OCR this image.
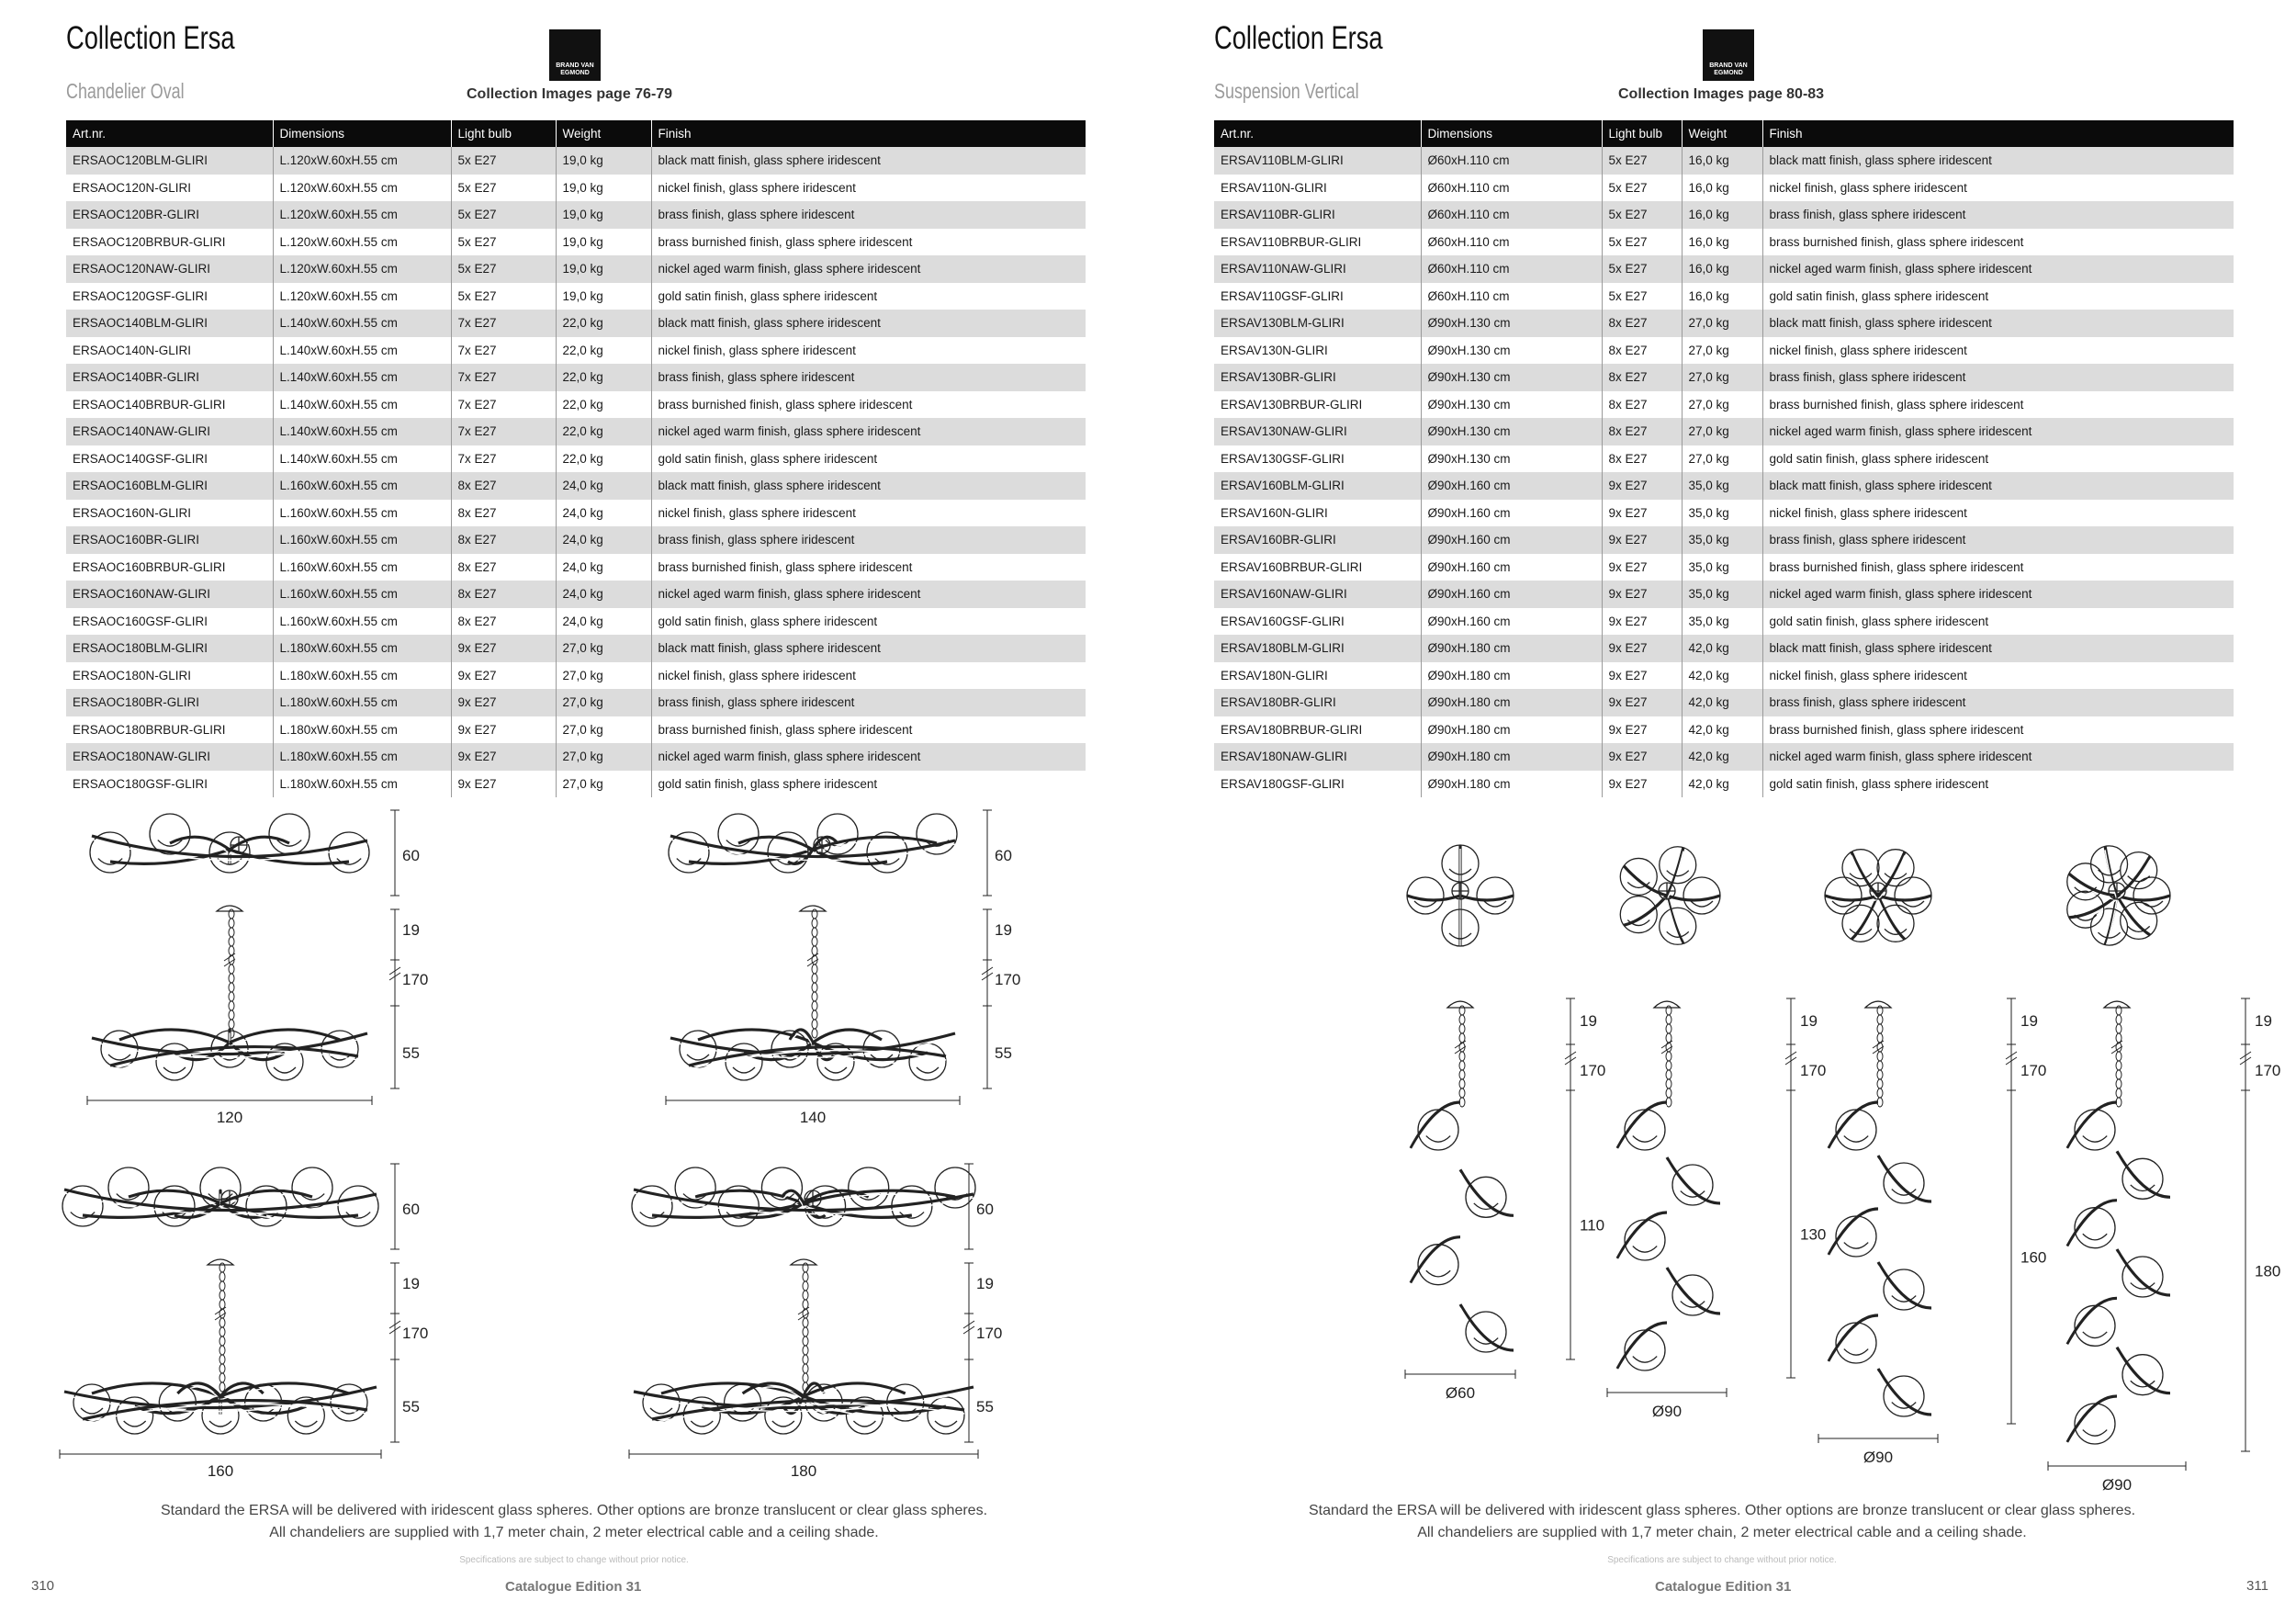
Collection Ersa
Chandelier Oval
BRAND VAN EGMOND
Collection Images page 76-79
Art.nr.	Dimensions	Light bulb	Weight	Finish
ERSAOC120BLM-GLIRI	L.120xW.60xH.55 cm	5x E27	19,0 kg	black matt finish, glass sphere iridescent
ERSAOC120N-GLIRI	L.120xW.60xH.55 cm	5x E27	19,0 kg	nickel finish, glass sphere iridescent
ERSAOC120BR-GLIRI	L.120xW.60xH.55 cm	5x E27	19,0 kg	brass finish, glass sphere iridescent
ERSAOC120BRBUR-GLIRI	L.120xW.60xH.55 cm	5x E27	19,0 kg	brass burnished finish, glass sphere iridescent
ERSAOC120NAW-GLIRI	L.120xW.60xH.55 cm	5x E27	19,0 kg	nickel aged warm finish, glass sphere iridescent
ERSAOC120GSF-GLIRI	L.120xW.60xH.55 cm	5x E27	19,0 kg	gold satin finish, glass sphere iridescent
ERSAOC140BLM-GLIRI	L.140xW.60xH.55 cm	7x E27	22,0 kg	black matt finish, glass sphere iridescent
ERSAOC140N-GLIRI	L.140xW.60xH.55 cm	7x E27	22,0 kg	nickel finish, glass sphere iridescent
ERSAOC140BR-GLIRI	L.140xW.60xH.55 cm	7x E27	22,0 kg	brass finish, glass sphere iridescent
ERSAOC140BRBUR-GLIRI	L.140xW.60xH.55 cm	7x E27	22,0 kg	brass burnished finish, glass sphere iridescent
ERSAOC140NAW-GLIRI	L.140xW.60xH.55 cm	7x E27	22,0 kg	nickel aged warm finish, glass sphere iridescent
ERSAOC140GSF-GLIRI	L.140xW.60xH.55 cm	7x E27	22,0 kg	gold satin finish, glass sphere iridescent
ERSAOC160BLM-GLIRI	L.160xW.60xH.55 cm	8x E27	24,0 kg	black matt finish, glass sphere iridescent
ERSAOC160N-GLIRI	L.160xW.60xH.55 cm	8x E27	24,0 kg	nickel finish, glass sphere iridescent
ERSAOC160BR-GLIRI	L.160xW.60xH.55 cm	8x E27	24,0 kg	brass finish, glass sphere iridescent
ERSAOC160BRBUR-GLIRI	L.160xW.60xH.55 cm	8x E27	24,0 kg	brass burnished finish, glass sphere iridescent
ERSAOC160NAW-GLIRI	L.160xW.60xH.55 cm	8x E27	24,0 kg	nickel aged warm finish, glass sphere iridescent
ERSAOC160GSF-GLIRI	L.160xW.60xH.55 cm	8x E27	24,0 kg	gold satin finish, glass sphere iridescent
ERSAOC180BLM-GLIRI	L.180xW.60xH.55 cm	9x E27	27,0 kg	black matt finish, glass sphere iridescent
ERSAOC180N-GLIRI	L.180xW.60xH.55 cm	9x E27	27,0 kg	nickel finish, glass sphere iridescent
ERSAOC180BR-GLIRI	L.180xW.60xH.55 cm	9x E27	27,0 kg	brass finish, glass sphere iridescent
ERSAOC180BRBUR-GLIRI	L.180xW.60xH.55 cm	9x E27	27,0 kg	brass burnished finish, glass sphere iridescent
ERSAOC180NAW-GLIRI	L.180xW.60xH.55 cm	9x E27	27,0 kg	nickel aged warm finish, glass sphere iridescent
ERSAOC180GSF-GLIRI	L.180xW.60xH.55 cm	9x E27	27,0 kg	gold satin finish, glass sphere iridescent
60
19
170
55
120
60
19
170
55
140
60
19
170
55
160
60
19
170
55
180
Standard the ERSA will be delivered with iridescent glass spheres. Other options are bronze translucent or clear glass spheres.
All chandeliers are supplied with 1,7 meter chain, 2 meter electrical cable and a ceiling shade.
Specifications are subject to change without prior notice.
Catalogue Edition 31
310
Collection Ersa
Suspension Vertical
BRAND VAN EGMOND
Collection Images page 80-83
Art.nr.	Dimensions	Light bulb	Weight	Finish
ERSAV110BLM-GLIRI	Ø60xH.110 cm	5x E27	16,0 kg	black matt finish, glass sphere iridescent
ERSAV110N-GLIRI	Ø60xH.110 cm	5x E27	16,0 kg	nickel finish, glass sphere iridescent
ERSAV110BR-GLIRI	Ø60xH.110 cm	5x E27	16,0 kg	brass finish, glass sphere iridescent
ERSAV110BRBUR-GLIRI	Ø60xH.110 cm	5x E27	16,0 kg	brass burnished finish, glass sphere iridescent
ERSAV110NAW-GLIRI	Ø60xH.110 cm	5x E27	16,0 kg	nickel aged warm finish, glass sphere iridescent
ERSAV110GSF-GLIRI	Ø60xH.110 cm	5x E27	16,0 kg	gold satin finish, glass sphere iridescent
ERSAV130BLM-GLIRI	Ø90xH.130 cm	8x E27	27,0 kg	black matt finish, glass sphere iridescent
ERSAV130N-GLIRI	Ø90xH.130 cm	8x E27	27,0 kg	nickel finish, glass sphere iridescent
ERSAV130BR-GLIRI	Ø90xH.130 cm	8x E27	27,0 kg	brass finish, glass sphere iridescent
ERSAV130BRBUR-GLIRI	Ø90xH.130 cm	8x E27	27,0 kg	brass burnished finish, glass sphere iridescent
ERSAV130NAW-GLIRI	Ø90xH.130 cm	8x E27	27,0 kg	nickel aged warm finish, glass sphere iridescent
ERSAV130GSF-GLIRI	Ø90xH.130 cm	8x E27	27,0 kg	gold satin finish, glass sphere iridescent
ERSAV160BLM-GLIRI	Ø90xH.160 cm	9x E27	35,0 kg	black matt finish, glass sphere iridescent
ERSAV160N-GLIRI	Ø90xH.160 cm	9x E27	35,0 kg	nickel finish, glass sphere iridescent
ERSAV160BR-GLIRI	Ø90xH.160 cm	9x E27	35,0 kg	brass finish, glass sphere iridescent
ERSAV160BRBUR-GLIRI	Ø90xH.160 cm	9x E27	35,0 kg	brass burnished finish, glass sphere iridescent
ERSAV160NAW-GLIRI	Ø90xH.160 cm	9x E27	35,0 kg	nickel aged warm finish, glass sphere iridescent
ERSAV160GSF-GLIRI	Ø90xH.160 cm	9x E27	35,0 kg	gold satin finish, glass sphere iridescent
ERSAV180BLM-GLIRI	Ø90xH.180 cm	9x E27	42,0 kg	black matt finish, glass sphere iridescent
ERSAV180N-GLIRI	Ø90xH.180 cm	9x E27	42,0 kg	nickel finish, glass sphere iridescent
ERSAV180BR-GLIRI	Ø90xH.180 cm	9x E27	42,0 kg	brass finish, glass sphere iridescent
ERSAV180BRBUR-GLIRI	Ø90xH.180 cm	9x E27	42,0 kg	brass burnished finish, glass sphere iridescent
ERSAV180NAW-GLIRI	Ø90xH.180 cm	9x E27	42,0 kg	nickel aged warm finish, glass sphere iridescent
ERSAV180GSF-GLIRI	Ø90xH.180 cm	9x E27	42,0 kg	gold satin finish, glass sphere iridescent
19
170
110
Ø60
19
170
130
Ø90
19
170
160
Ø90
19
170
180
Ø90
Standard the ERSA will be delivered with iridescent glass spheres. Other options are bronze translucent or clear glass spheres.
All chandeliers are supplied with 1,7 meter chain, 2 meter electrical cable and a ceiling shade.
Specifications are subject to change without prior notice.
Catalogue Edition 31	311
